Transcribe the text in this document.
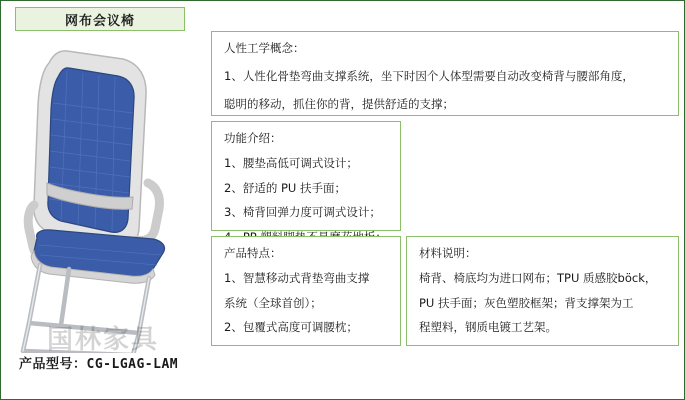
网布会议椅
国林家具
产品型号：CG-LGAG-LAM

人性工学概念：

1、人性化骨垫弯曲支撑系统，坐下时因个人体型需要自动改变椅背与腰部角度，

聪明的移动，抓住你的背，提供舒适的支撑；

功能介绍：

1、腰垫高低可调式设计；

2、舒适的 PU 扶手面；

3、椅背回弹力度可调式设计；

产品特点：

1、智慧移动式背垫弯曲支撑

系统（全球首创）；

2、包覆式高度可调腰枕；

材料说明：

椅背、椅底均为进口网布；TPU 质感胶böck，

PU 扶手面；灰色塑胶框架；背支撑架为工

程塑料，钢质电镀工艺架。
